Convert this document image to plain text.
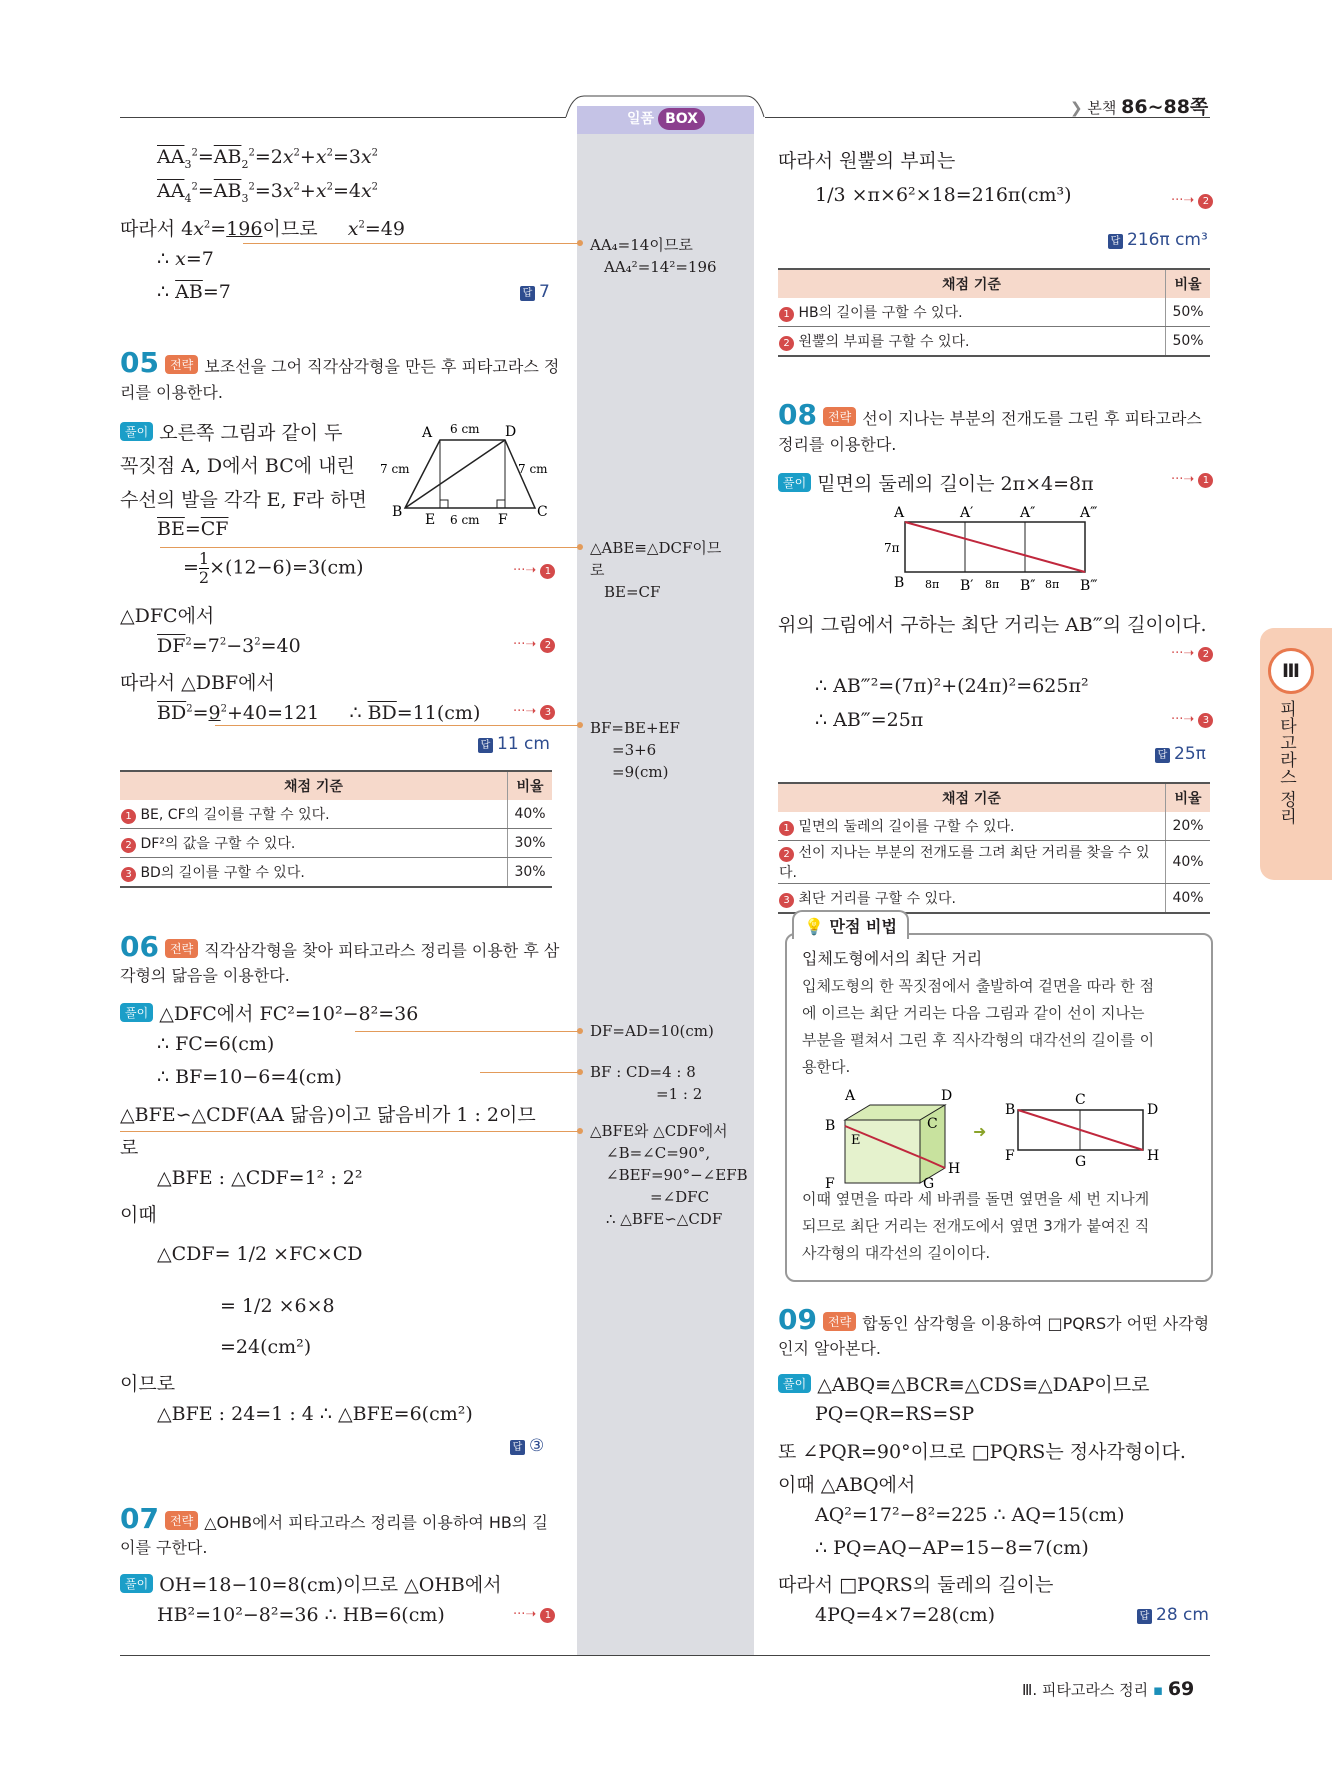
❯ 본책 86~88쪽
일품 BOX
Ⅲ
피타고라스 정리
$\overline{AA}_3^2=\overline{AB}_2^2=2x^2+x^2=3x^2$
$\overline{AA}_4^2=\overline{AB}_3^2=3x^2+x^2=4x^2$
따라서 $4x^2=196$이므로     $x^2=49$
∴ x=7
∴ $\overline{AB}=7$	답 7
05 전략 보조선을 그어 직각삼각형을 만든 후 피타고라스 정
리를 이용한다.
풀이 오른쪽 그림과 같이 두
꼭짓점 A, D에서 BC에 내린
수선의 발을 각각 E, F라 하면
$\overline{BE}=\overline{CF}$
= $\frac{1}{2} \times(12-6)=3(cm)$	···➝ 1
△DFC에서
$\overline{DF}^2=7^2-3^2=40$	···➝ 2
따라서 △DBF에서
$\overline{BD}^2=9^2+40=121$     ∴ $\overline{BD}=11(cm)$	···➝ 3
답 11 cm
A	D
6 cm
7 cm	7 cm
B	C
E	F
6 cm
채점 기준	비율
1 BE, CF의 길이를 구할 수 있다.	40%
2 DF²의 값을 구할 수 있다.	30%
3 BD의 길이를 구할 수 있다.	30%
06 전략 직각삼각형을 찾아 피타고라스 정리를 이용한 후 삼
각형의 닮음을 이용한다.
풀이 △DFC에서 FC²=10²−8²=36
∴ FC=6(cm)
∴ BF=10−6=4(cm)
△BFE∽△CDF(AA 닮음)이고 닮음비가 1 : 2이므
로
△BFE : △CDF=1² : 2²
이때
△CDF= 1/2 ×FC×CD
= 1/2 ×6×8
=24(cm²)
이므로
△BFE : 24=1 : 4 ∴ △BFE=6(cm²)
답 ③
07 전략 △OHB에서 피타고라스 정리를 이용하여 HB의 길
이를 구한다.
풀이 OH=18−10=8(cm)이므로 △OHB에서
HB²=10²−8²=36 ∴ HB=6(cm)	···➝ 1
AA₄=14이므로
AA₄²=14²=196
△ABE≡△DCF이므
로
BE=CF
BF=BE+EF
=3+6
=9(cm)
DF=AD=10(cm)
BF : CD=4 : 8
=1 : 2
△BFE와 △CDF에서
∠B=∠C=90°,
∠BEF=90°−∠EFB
=∠DFC
∴ △BFE∽△CDF
따라서 원뿔의 부피는
1/3 ×π×6²×18=216π(cm³)	···➝ 2
답 216π cm³
채점 기준	비율
1 HB의 길이를 구할 수 있다.	50%
2 원뿔의 부피를 구할 수 있다.	50%
08 전략 선이 지나는 부분의 전개도를 그린 후 피타고라스
정리를 이용한다.
풀이 밑면의 둘레의 길이는 2π×4=8π	···➝ 1
A	A′	A″	A‴
7π
B	B′	B″	B‴
8π	8π	8π
위의 그림에서 구하는 최단 거리는 AB‴의 길이이다.
···➝ 2
∴ AB‴²=(7π)²+(24π)²=625π²
∴ AB‴=25π	···➝ 3
답 25π
채점 기준	비율
1 밑면의 둘레의 길이를 구할 수 있다.	20%
2 선이 지나는 부분의 전개도를 그려 최단 거리를 찾을 수 있다.	40%
3 최단 거리를 구할 수 있다.	40%
💡 만점 비법
입체도형에서의 최단 거리
입체도형의 한 꼭짓점에서 출발하여 겉면을 따라 한 점
에 이르는 최단 거리는 다음 그림과 같이 선이 지나는
부분을 펼쳐서 그린 후 직사각형의 대각선의 길이를 이
용한다.
A	D
B	C
E
H
F	G
➜
B
C
D
F	G	H
이때 옆면을 따라 세 바퀴를 돌면 옆면을 세 번 지나게
되므로 최단 거리는 전개도에서 옆면 3개가 붙여진 직
사각형의 대각선의 길이이다.
09 전략 합동인 삼각형을 이용하여 □PQRS가 어떤 사각형
인지 알아본다.
풀이 △ABQ≡△BCR≡△CDS≡△DAP이므로
PQ=QR=RS=SP
또 ∠PQR=90°이므로 □PQRS는 정사각형이다.
이때 △ABQ에서
AQ²=17²−8²=225 ∴ AQ=15(cm)
∴ PQ=AQ−AP=15−8=7(cm)
따라서 □PQRS의 둘레의 길이는
4PQ=4×7=28(cm)	답 28 cm
Ⅲ. 피타고라스 정리 ▪ 69
